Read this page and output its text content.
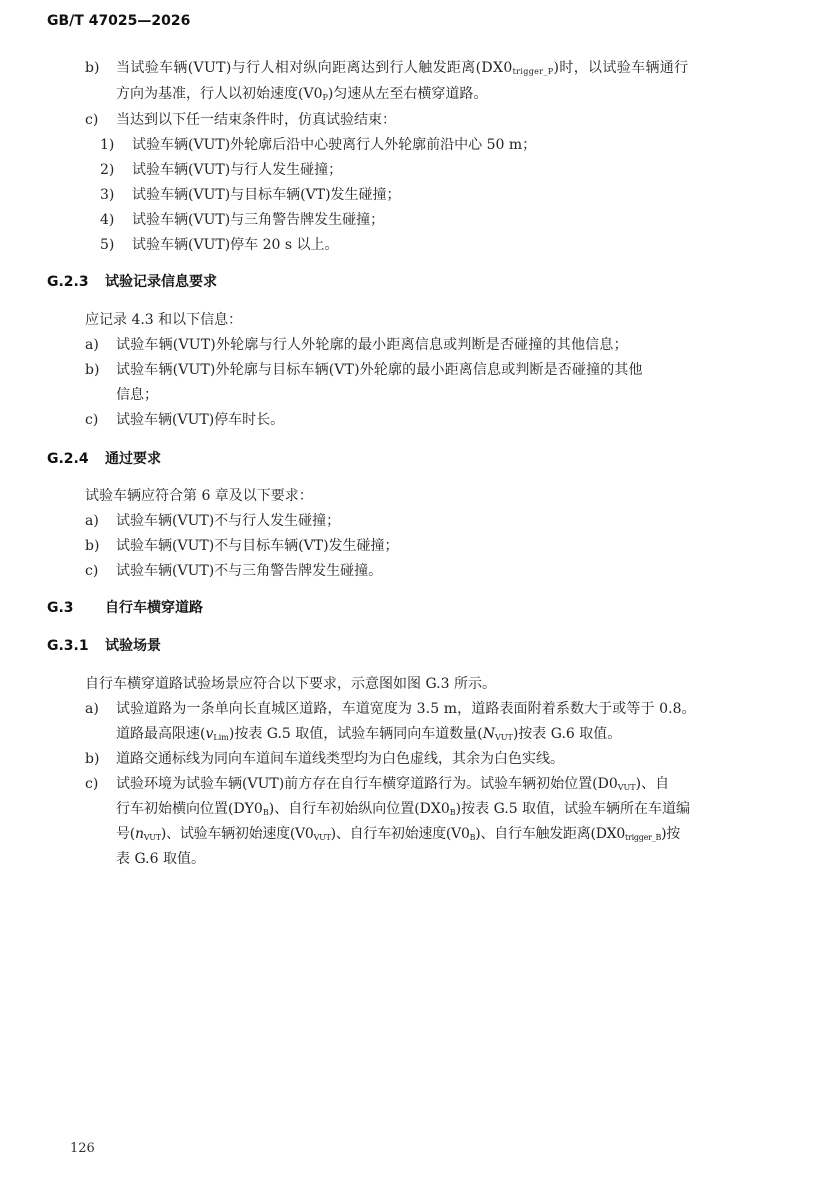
GB/T 47025—2026
b) 当试验车辆(VUT)与行人相对纵向距离达到行人触发距离$(DX0_{trigger\_P})$时，以试验车辆通行
方向为基准，行人以初始速度$(V0_P)$匀速从左至右横穿道路。
c) 当达到以下任一结束条件时，仿真试验结束：
1) 试验车辆(VUT)外轮廓后沿中心驶离行人外轮廓前沿中心 50 m；
2) 试验车辆(VUT)与行人发生碰撞；
3) 试验车辆(VUT)与目标车辆(VT)发生碰撞；
4) 试验车辆(VUT)与三角警告牌发生碰撞；
5) 试验车辆(VUT)停车 20 s 以上。
G.2.3 试验记录信息要求
应记录 4.3 和以下信息：
a) 试验车辆(VUT)外轮廓与行人外轮廓的最小距离信息或判断是否碰撞的其他信息；
b) 试验车辆(VUT)外轮廓与目标车辆(VT)外轮廓的最小距离信息或判断是否碰撞的其他
信息；
c) 试验车辆(VUT)停车时长。
G.2.4 通过要求
试验车辆应符合第 6 章及以下要求：
a) 试验车辆(VUT)不与行人发生碰撞；
b) 试验车辆(VUT)不与目标车辆(VT)发生碰撞；
c) 试验车辆(VUT)不与三角警告牌发生碰撞。
G.3 自行车横穿道路
G.3.1 试验场景
自行车横穿道路试验场景应符合以下要求，示意图如图 G.3 所示。
a) 试验道路为一条单向长直城区道路，车道宽度为 3.5 m，道路表面附着系数大于或等于 0.8。
道路最高限速$(v_{Lim})$按表 G.5 取值，试验车辆同向车道数量$(N_{VUT})$按表 G.6 取值。
b) 道路交通标线为同向车道间车道线类型均为白色虚线，其余为白色实线。
c) 试验环境为试验车辆(VUT)前方存在自行车横穿道路行为。试验车辆初始位置$(D0_{VUT})$、自
行车初始横向位置$(DY0_B)$、自行车初始纵向位置$(DX0_B)$按表 G.5 取值，试验车辆所在车道编
号$(n_{VUT})$、试验车辆初始速度$(V0_{VUT})$、自行车初始速度$(V0_B)$、自行车触发距离$(DX0_{trigger\_B})$按
表 G.6 取值。
126
